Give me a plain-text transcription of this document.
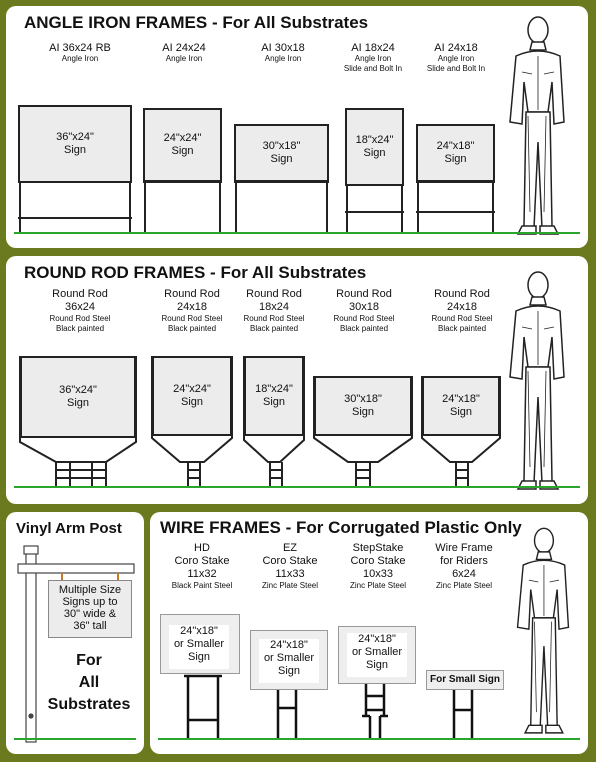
ANGLE IRON FRAMES - For All Substrates
AI 36x24 RB
Angle Iron
AI 24x24
Angle Iron
AI 30x18
Angle Iron
AI 18x24
Angle Iron
Slide and Bolt In
AI 24x18
Angle Iron
Slide and Bolt In
36"x24"
Sign
24"x24"
Sign	30"x18"
Sign
18"x24"
Sign
24"x18"
Sign
ROUND ROD FRAMES - For All Substrates
Round Rod
36x24
Round Rod Steel
Black painted
Round Rod
24x18
Round Rod Steel
Black painted
Round Rod
18x24
Round Rod Steel
Black painted
Round Rod
30x18
Round Rod Steel
Black painted
Round Rod
24x18
Round Rod Steel
Black painted
36"x24"
Sign
24"x24"
Sign
18"x24"
Sign	30"x18"
Sign
24"x18"
Sign
Vinyl Arm Post
Multiple Size
Signs up to
30" wide &
36" tall
For
All
Substrates
WIRE FRAMES - For Corrugated Plastic Only
HD
Coro Stake
11x32
Black Paint Steel
EZ
Coro Stake
11x33
Zinc Plate Steel
StepStake
Coro Stake
10x33
Zinc Plate Steel
Wire Frame
for Riders
6x24
Zinc Plate Steel
24"x18"
or Smaller
Sign
24"x18"
or Smaller
Sign
24"x18"
or Smaller
Sign
For Small Sign
